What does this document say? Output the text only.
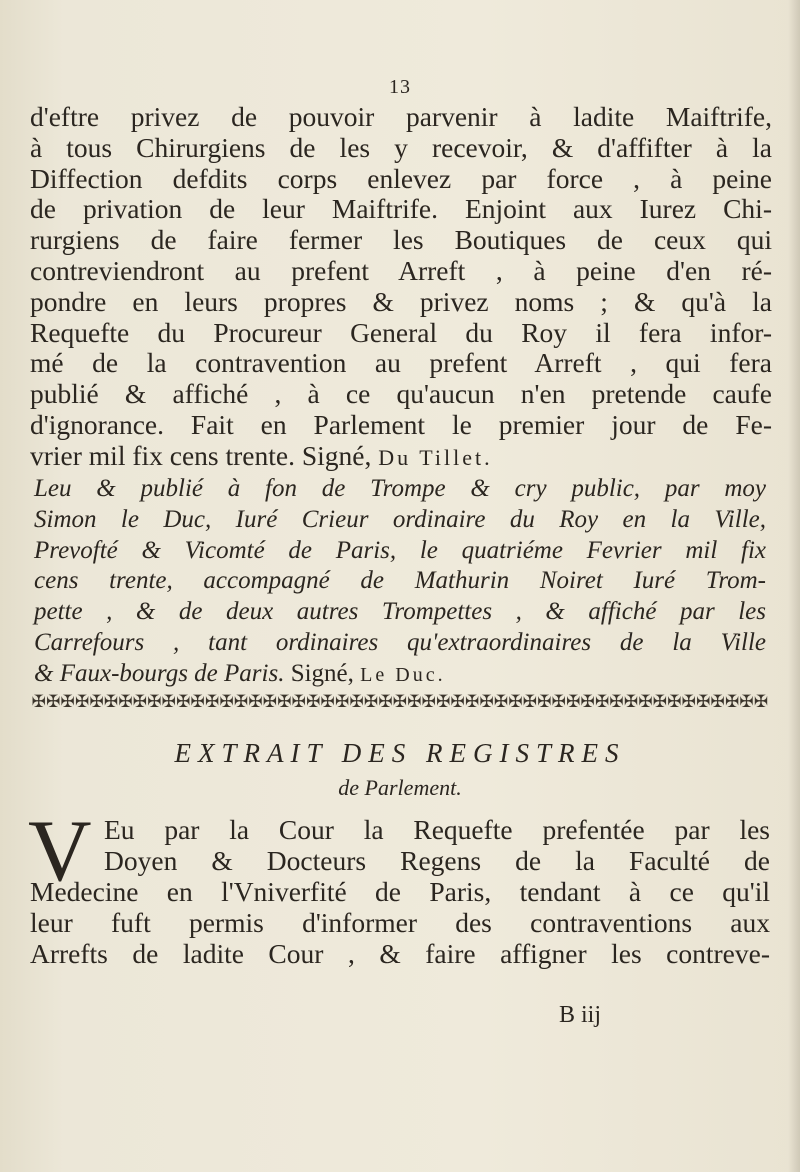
13
d'eftre privez de pouvoir parvenir à ladite Maiftrife,
à tous Chirurgiens de les y recevoir, & d'affifter à la
Diffection defdits corps enlevez par force , à peine
de privation de leur Maiftrife. Enjoint aux Iurez Chi-
rurgiens de faire fermer les Boutiques de ceux qui
contreviendront au prefent Arreft , à peine d'en ré-
pondre en leurs propres & privez noms ; & qu'à la
Requefte du Procureur General du Roy il fera infor-
mé de la contravention au prefent Arreft , qui fera
publié & affiché , à ce qu'aucun n'en pretende caufe
d'ignorance. Fait en Parlement le premier jour de Fe-
vrier mil fix cens trente. Signé, Du Tillet.
Leu & publié à fon de Trompe & cry public, par moy
Simon le Duc, Iuré Crieur ordinaire du Roy en la Ville,
Prevofté & Vicomté de Paris, le quatriéme Fevrier mil fix
cens trente, accompagné de Mathurin Noiret Iuré Trom-
pette , & de deux autres Trompettes , & affiché par les
Carrefours , tant ordinaires qu'extraordinaires de la Ville
& Faux-bourgs de Paris. Signé, Le Duc.
✠✠✠✠✠✠✠✠✠✠✠✠✠✠✠✠✠✠✠✠✠✠✠✠✠✠✠✠✠✠✠✠✠✠✠✠✠✠✠✠✠✠✠✠✠✠✠✠✠✠✠
EXTRAIT DES REGISTRES
de Parlement.
V Eu par la Cour la Requefte prefentée par les
Doyen & Docteurs Regens de la Faculté de
Medecine en l'Vniverfité de Paris, tendant à ce qu'il
leur fuft permis d'informer des contraventions aux
Arrefts de ladite Cour , & faire affigner les contreve-
B iij
